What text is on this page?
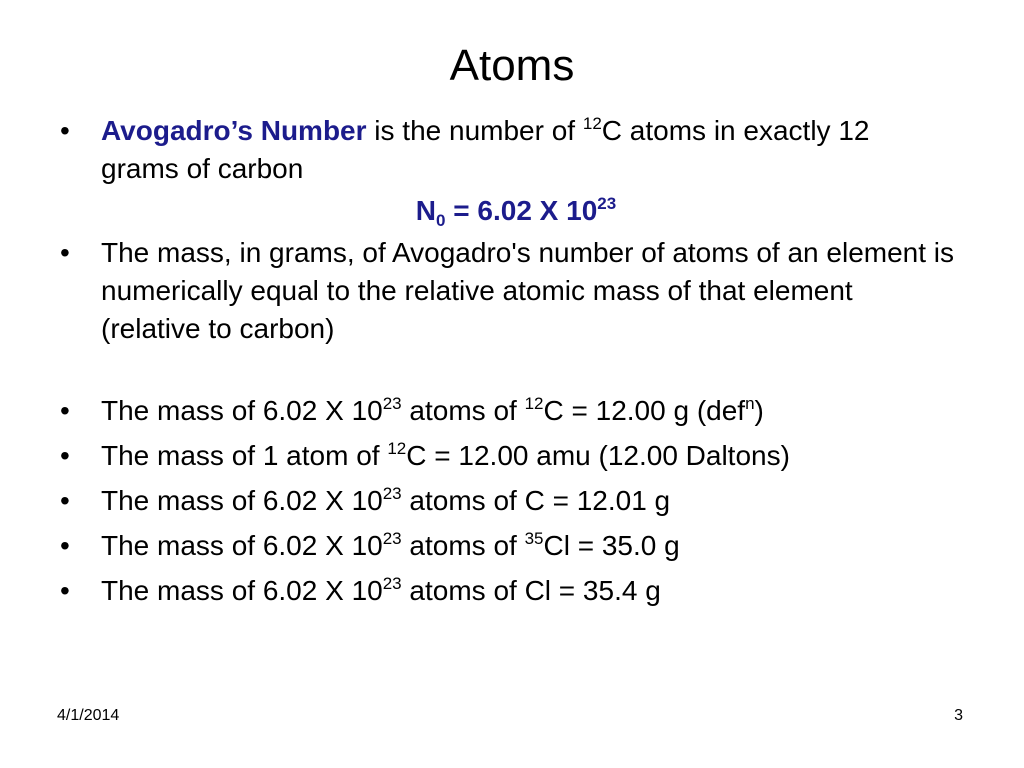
Atoms
• Avogadro’s Number is the number of $^{12}$C atoms in exactly 12 grams of carbon
$N_0 = 6.02$ X $10^{23}$
• The mass, in grams, of Avogadro's number of atoms of an element is numerically equal to the relative atomic mass of that element (relative to carbon)
• The mass of 6.02 X $10^{23}$ atoms of $^{12}$C = 12.00 g (def$^n$)
• The mass of 1 atom of $^{12}$C = 12.00 amu (12.00 Daltons)
• The mass of 6.02 X $10^{23}$ atoms of C = 12.01 g
• The mass of 6.02 X $10^{23}$ atoms of $^{35}$Cl = 35.0 g
• The mass of 6.02 X $10^{23}$ atoms of Cl = 35.4 g
4/1/2014	3
